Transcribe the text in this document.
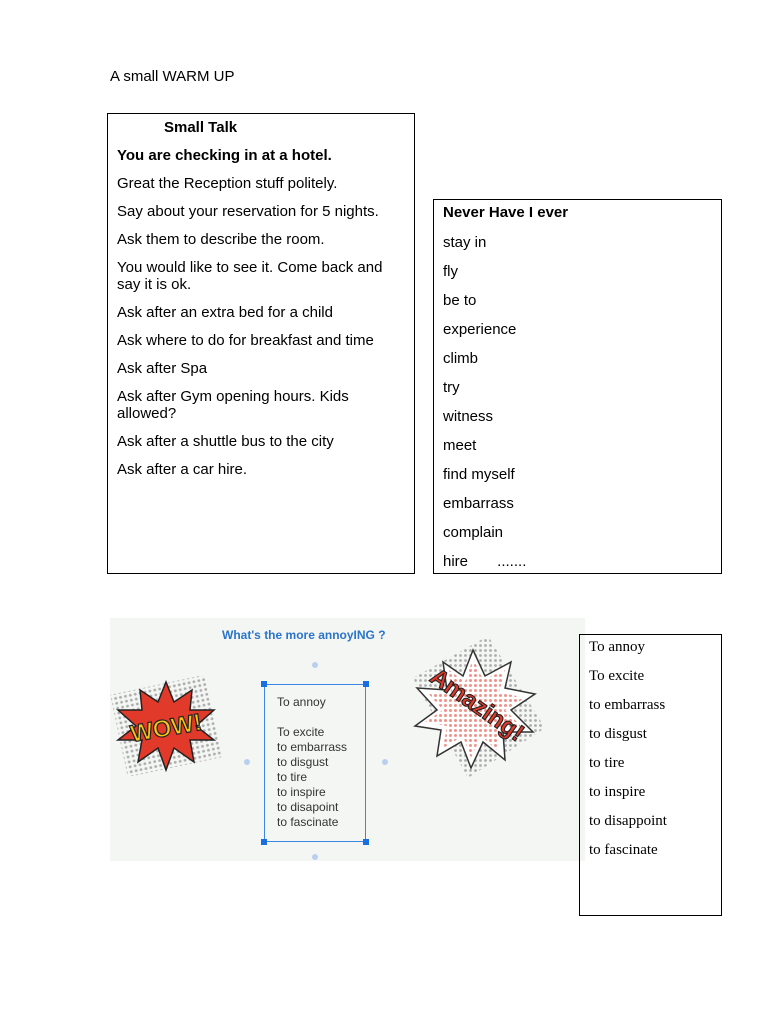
A small WARM UP
Small Talk
You are checking in at a hotel.
Great the Reception stuff politely.
Say about your reservation for 5 nights.
Ask them to describe the room.
You would like to see it. Come back and say it is ok.
Ask after an extra bed for a child
Ask where to do for breakfast and time
Ask after Spa
Ask after Gym opening hours. Kids allowed?
Ask after a shuttle bus to the city
Ask after a car hire.
Never Have I ever
stay in
fly
be to
experience
climb
try
witness
meet
find myself
embarrass
complain
hire       .......
What's the more annoyING ?
WOW!
To annoy
To excite
to embarrass
to disgust
to tire
to inspire
to disapoint
to fascinate
Amazing!
To annoy
To excite
to embarrass
to disgust
to tire
to inspire
to disappoint
to fascinate
